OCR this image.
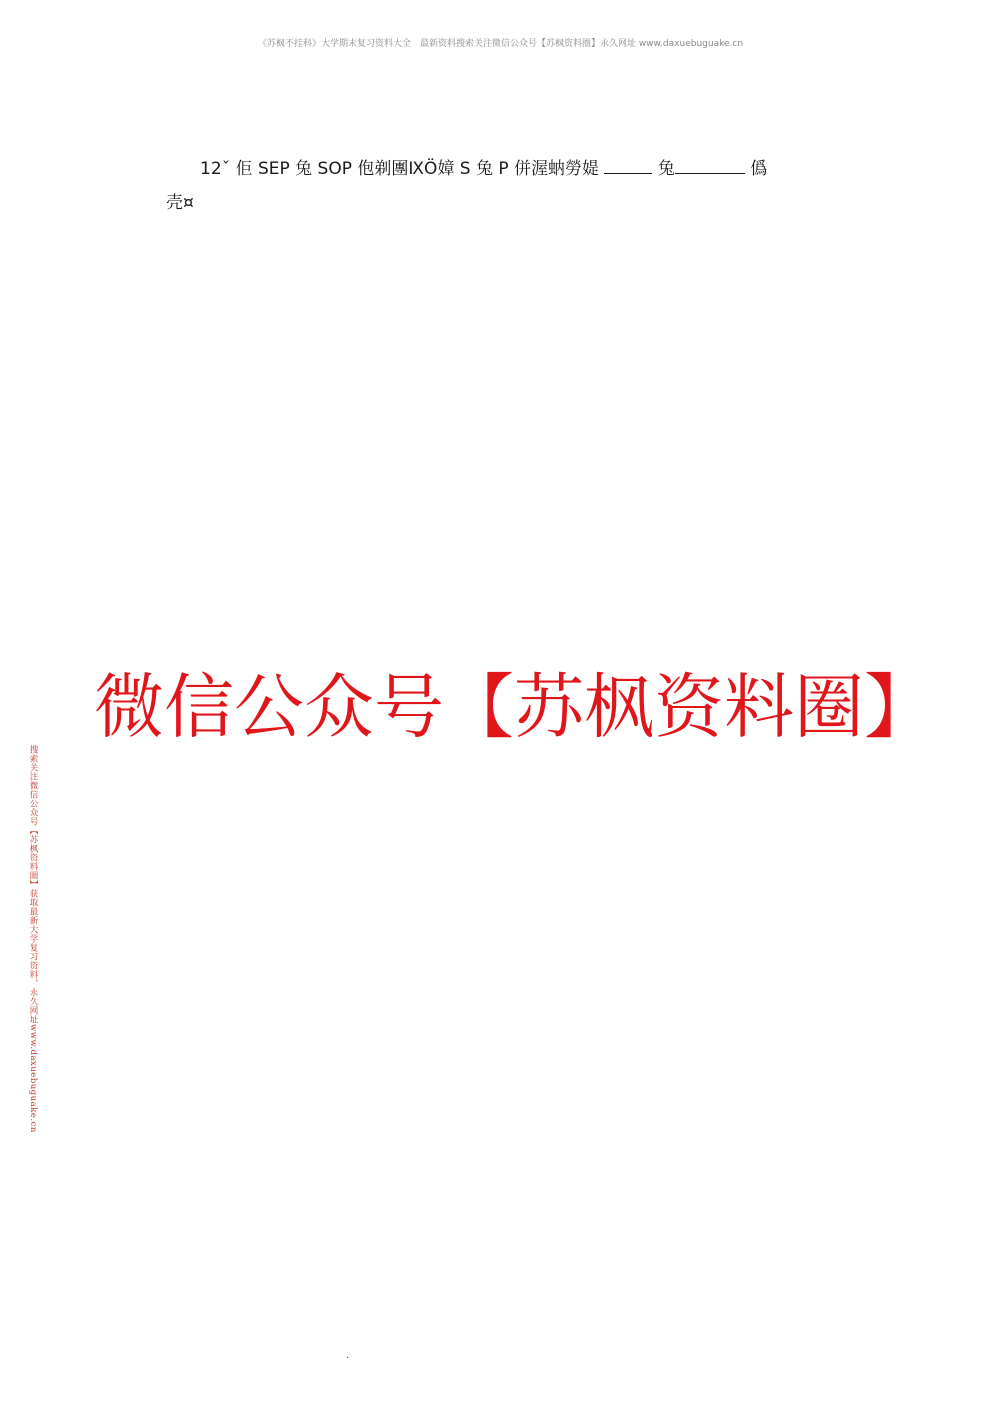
《苏枫不挂科》大学期末复习资料大全　最新资料搜索关注微信公众号【苏枫资料圈】永久网址 www.daxuebuguake.cn
12ˇ 佢 SEP 兔 SOP 佨剃團ⅨӦ嫜 S 兔 P 併渥蚋勞媞	兔	僞
壳¤
微信公众号【苏枫资料圈】
搜索关注微信公众号【苏枫资料圈】获取最新大学复习资料，永久网址www.daxuebuguake.cn
.
